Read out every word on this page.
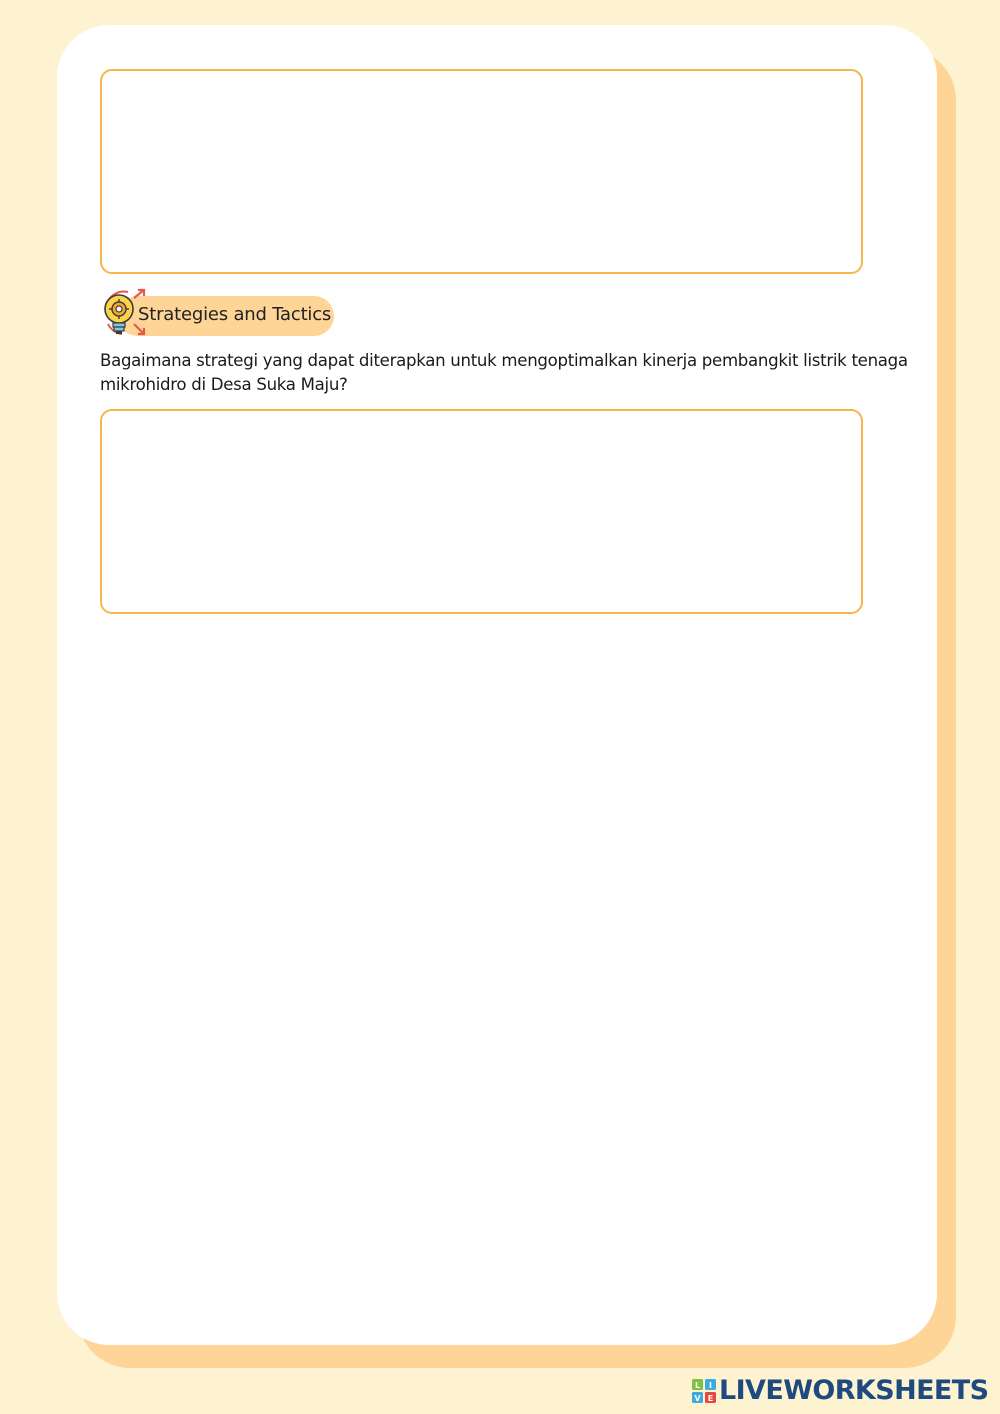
Strategies and Tactics
Bagaimana strategi yang dapat diterapkan untuk mengoptimalkan kinerja pembangkit listrik tenaga mikrohidro di Desa Suka Maju?
L I
V E LIVEWORKSHEETS
